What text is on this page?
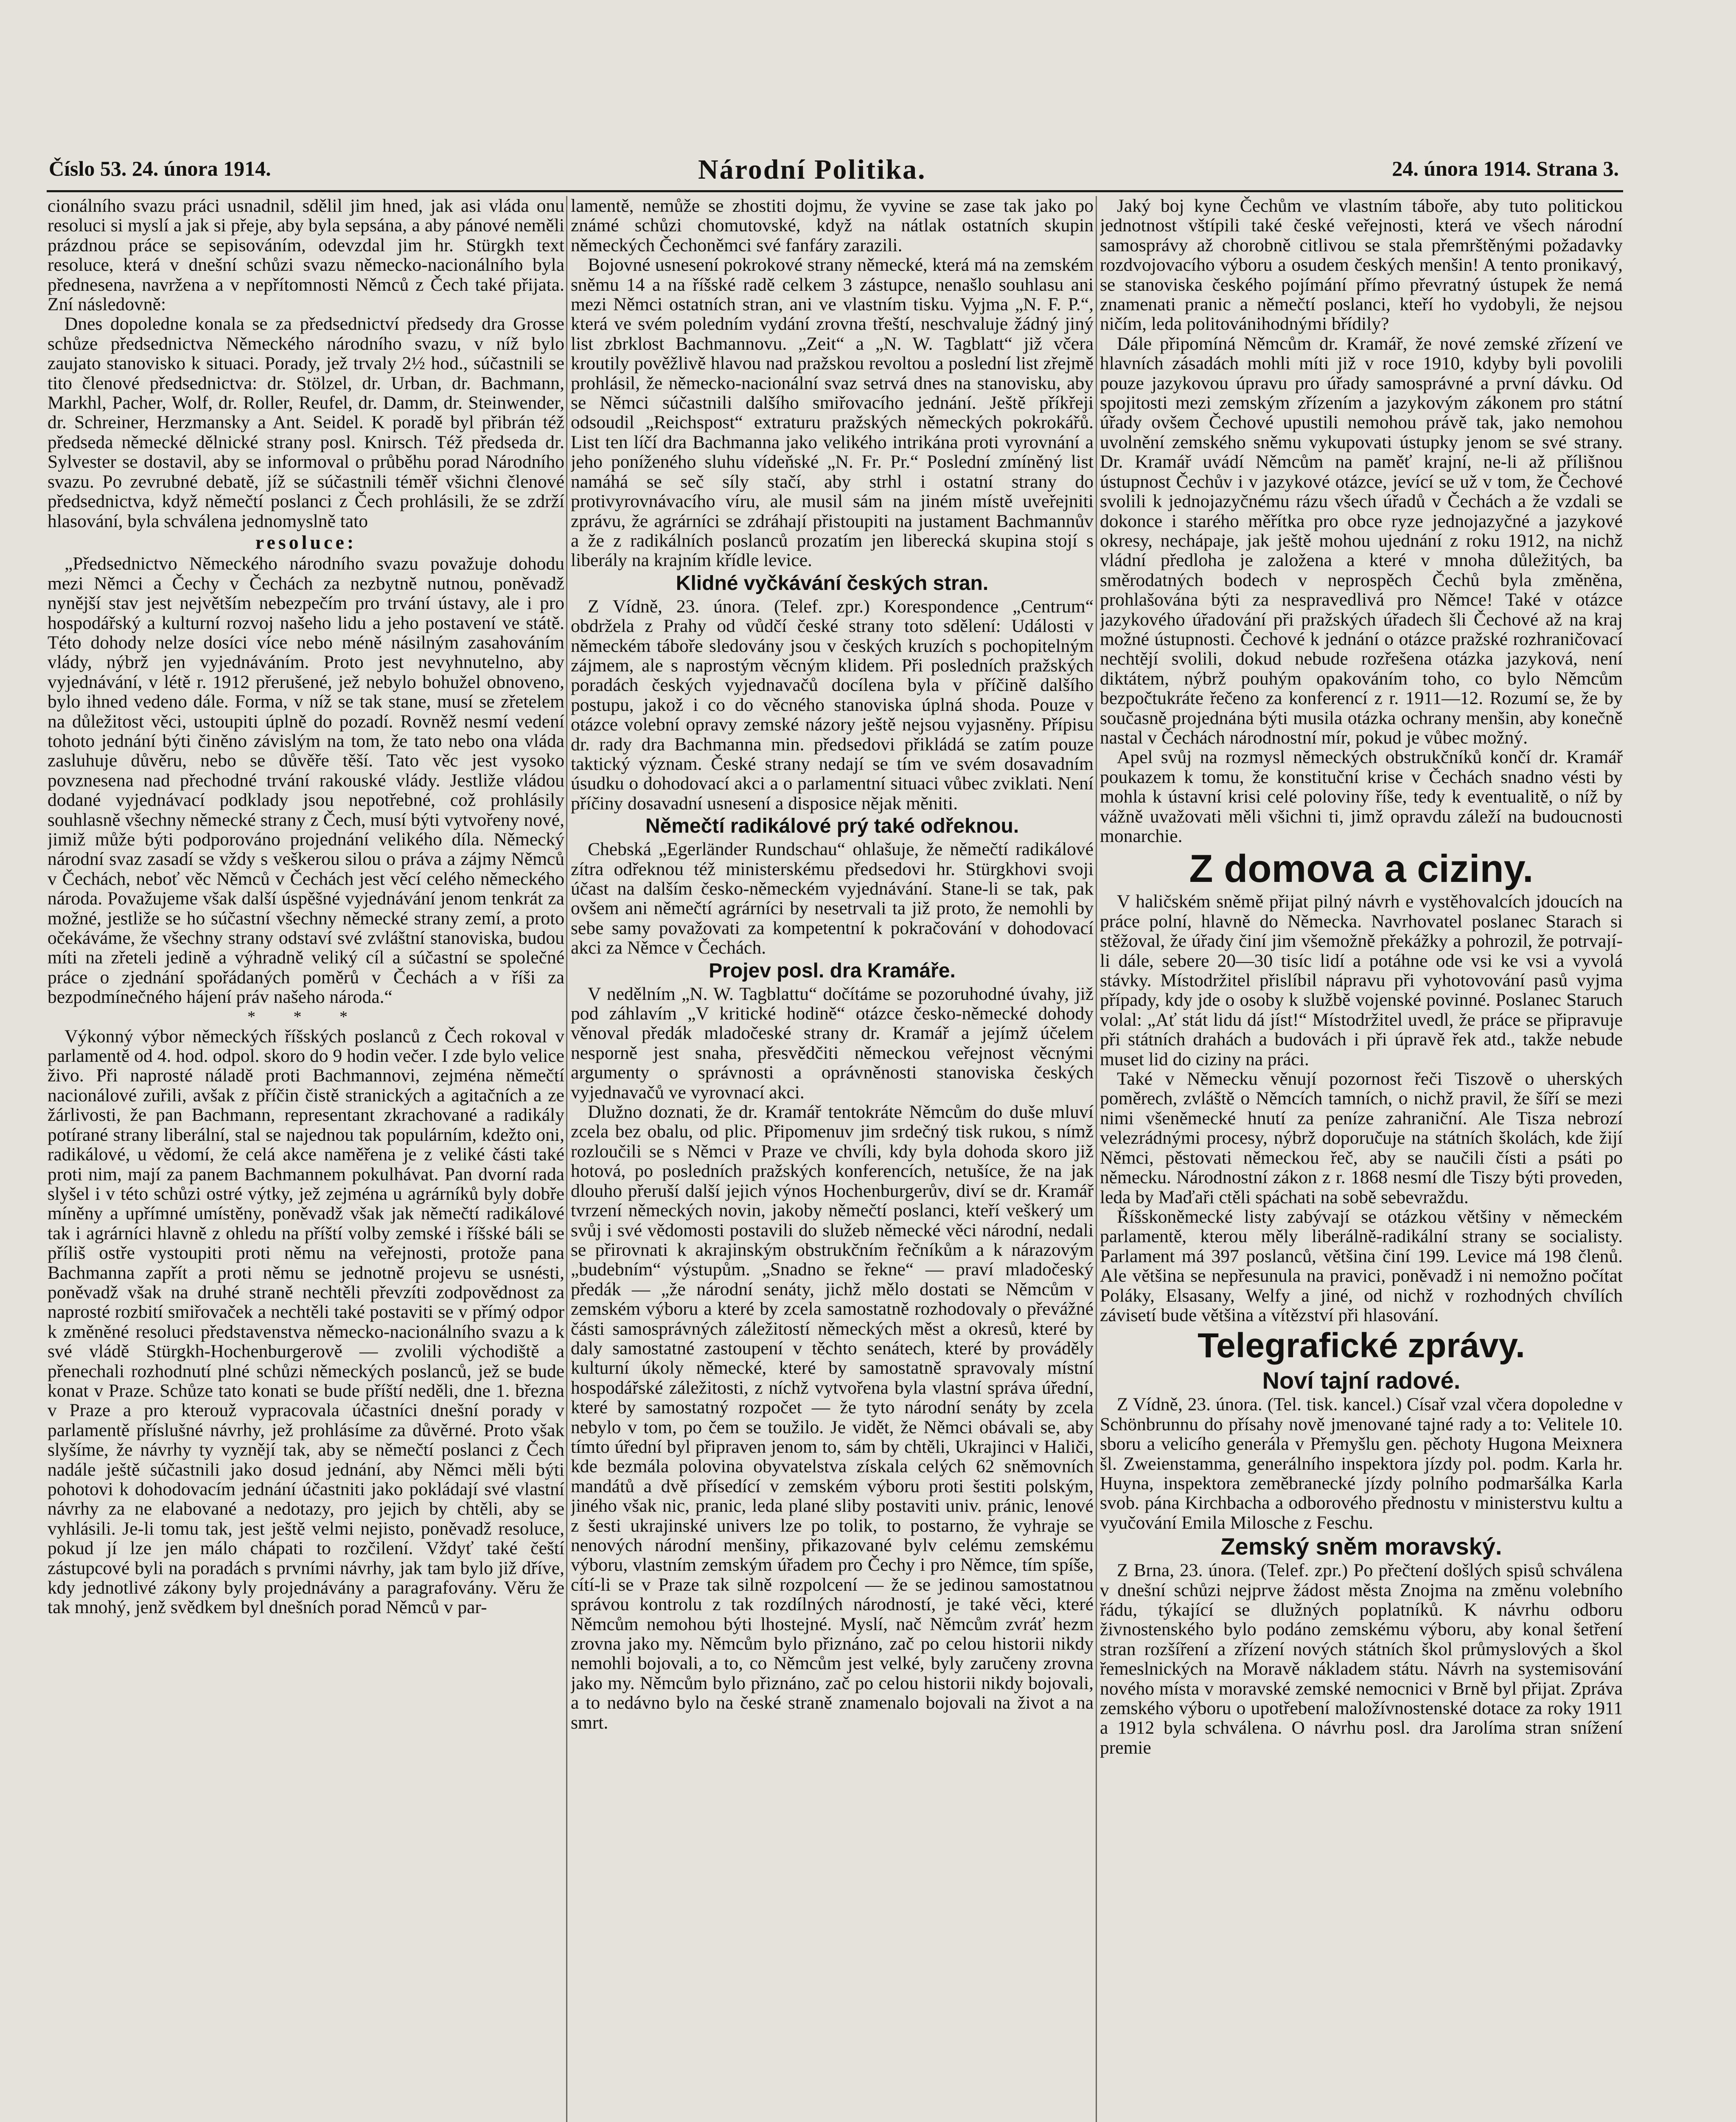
Číslo 53. 24. února 1914.	Národní Politika.	24. února 1914. Strana 3.

cionálního svazu práci usnadnil, sdělil jim hned, jak asi vláda onu resoluci si myslí a jak si přeje, aby byla sepsána, a aby pánové neměli prázdnou práce se sepisováním, odevzdal jim hr. Stürgkh text resoluce, která v dnešní schůzi svazu německo-nacionálního byla přednesena, navržena a v nepřítomnosti Němců z Čech také přijata. Zní následovně:

Dnes dopoledne konala se za předsednictví předsedy dra Grosse schůze předsednictva Německého národního svazu, v níž bylo zaujato stanovisko k situaci. Porady, jež trvaly 2½ hod., súčastnili se tito členové předsednictva: dr. Stölzel, dr. Urban, dr. Bachmann, Markhl, Pacher, Wolf, dr. Roller, Reufel, dr. Damm, dr. Steinwender, dr. Schreiner, Herzmansky a Ant. Seidel. K poradě byl přibrán též předseda německé dělnické strany posl. Knirsch. Též předseda dr. Sylvester se dostavil, aby se informoval o průběhu porad Národního svazu. Po zevrubné debatě, jíž se súčastnili téměř všichni členové předsednictva, když němečtí poslanci z Čech prohlásili, že se zdrží hlasování, byla schválena jednomyslně tato

resoluce:

„Předsednictvo Německého národního svazu považuje dohodu mezi Němci a Čechy v Čechách za nezbytně nutnou, poněvadž nynější stav jest největším nebezpečím pro trvání ústavy, ale i pro hospodářský a kulturní rozvoj našeho lidu a jeho postavení ve státě. Této dohody nelze dosíci více nebo méně násilným zasahováním vlády, nýbrž jen vyjednáváním. Proto jest nevyhnutelno, aby vyjednávání, v létě r. 1912 přerušené, jež nebylo bohužel obnoveno, bylo ihned vedeno dále. Forma, v níž se tak stane, musí se zřetelem na důležitost věci, ustoupiti úplně do pozadí. Rovněž nesmí vedení tohoto jednání býti činěno závislým na tom, že tato nebo ona vláda zasluhuje důvěru, nebo se důvěře těší. Tato věc jest vysoko povznesena nad přechodné trvání rakouské vlády. Jestliže vládou dodané vyjednávací podklady jsou nepotřebné, což prohlásily souhlasně všechny německé strany z Čech, musí býti vytvořeny nové, jimiž může býti podporováno projednání velikého díla. Německý národní svaz zasadí se vždy s veškerou silou o práva a zájmy Němců v Čechách, neboť věc Němců v Čechách jest věcí celého německého národa. Považujeme však další úspěšné vyjednávání jenom tenkrát za možné, jestliže se ho súčastní všechny německé strany zemí, a proto očekáváme, že všechny strany odstaví své zvláštní stanoviska, budou míti na zřeteli jedině a výhradně veliký cíl a súčastní se společné práce o zjednání spořádaných poměrů v Čechách a v říši za bezpodmínečného hájení práv našeho národa.“

* * *

Výkonný výbor německých říšských poslanců z Čech rokoval v parlamentě od 4. hod. odpol. skoro do 9 hodin večer. I zde bylo velice živo. Při naprosté náladě proti Bachmannovi, zejména němečtí nacionálové zuřili, avšak z příčin čistě stranických a agitačních a ze žárlivosti, že pan Bachmann, representant zkrachované a radikály potírané strany liberální, stal se najednou tak populárním, kdežto oni, radikálové, u vědomí, že celá akce naměřena je z veliké části také proti nim, mají za panem Bachmannem pokulhávat. Pan dvorní rada slyšel i v této schůzi ostré výtky, jež zejména u agrárníků byly dobře míněny a upřímné umístěny, poněvadž však jak němečtí radikálové tak i agrárníci hlavně z ohledu na příští volby zemské i říšské báli se příliš ostře vystoupiti proti němu na veřejnosti, protože pana Bachmanna zapřít a proti němu se jednotně projevu se usnésti, poněvadž však na druhé straně nechtěli převzíti zodpovědnost za naprosté rozbití smiřovaček a nechtěli také postaviti se v přímý odpor k změněné resoluci představenstva německo-nacionálního svazu a k své vládě Stürgkh-Hochenburgerově — zvolili východiště a přenechali rozhodnutí plné schůzi německých poslanců, jež se bude konat v Praze. Schůze tato konati se bude příští neděli, dne 1. března v Praze a pro kterouž vypracovala účastníci dnešní porady v parlamentě příslušné návrhy, jež prohlásíme za důvěrné. Proto však slyšíme, že návrhy ty vyznějí tak, aby se němečtí poslanci z Čech nadále ještě súčastnili jako dosud jednání, aby Němci měli býti pohotovi k dohodovacím jednání účastniti jako pokládají své vlastní návrhy za ne elabované a nedotazy, pro jejich by chtěli, aby se vyhlásili. Je-li tomu tak, jest ještě velmi nejisto, poněvadž resoluce, pokud jí lze jen málo chápati to rozčilení. Vždyť také čeští zástupcové byli na poradách s prvními návrhy, jak tam bylo již dříve, kdy jednotlivé zákony byly projednávány a paragrafovány. Věru že tak mnohý, jenž svědkem byl dnešních porad Němců v par-

lamentě, nemůže se zhostiti dojmu, že vyvine se zase tak jako po známé schůzi chomutovské, když na nátlak ostatních skupin německých Čechoněmci své fanfáry zarazili.

Bojovné usnesení pokrokové strany německé, která má na zemském sněmu 14 a na říšské radě celkem 3 zástupce, nenašlo souhlasu ani mezi Němci ostatních stran, ani ve vlastním tisku. Vyjma „N. F. P.“, která ve svém poledním vydání zrovna třeští, neschvaluje žádný jiný list zbrklost Bachmannovu. „Zeit“ a „N. W. Tagblatt“ již včera kroutily pověžlivě hlavou nad pražskou revoltou a poslední list zřejmě prohlásil, že německo-nacionální svaz setrvá dnes na stanovisku, aby se Němci súčastnili dalšího smiřovacího jednání. Ještě příkřeji odsoudil „Reichspost“ extraturu pražských německých pokrokářů. List ten líčí dra Bachmanna jako velikého intrikána proti vyrovnání a jeho poníženého sluhu vídeňské „N. Fr. Pr.“ Poslední zmíněný list namáhá se seč síly stačí, aby strhl i ostatní strany do protivyrovnávacího víru, ale musil sám na jiném místě uveřejniti zprávu, že agrárníci se zdráhají přistoupiti na justament Bachmannův a že z radikálních poslanců prozatím jen liberecká skupina stojí s liberály na krajním křídle levice.

Klidné vyčkávání českých stran.

Z Vídně, 23. února. (Telef. zpr.) Korespondence „Centrum“ obdržela z Prahy od vůdčí české strany toto sdělení: Události v německém táboře sledovány jsou v českých kruzích s pochopitelným zájmem, ale s naprostým věcným klidem. Při posledních pražských poradách českých vyjednavačů docílena byla v příčině dalšího postupu, jakož i co do věcného stanoviska úplná shoda. Pouze v otázce volební opravy zemské názory ještě nejsou vyjasněny. Přípisu dr. rady dra Bachmanna min. předsedovi přikládá se zatím pouze taktický význam. České strany nedají se tím ve svém dosavadním úsudku o dohodovací akci a o parlamentní situaci vůbec zviklati. Není příčiny dosavadní usnesení a disposice nějak měniti.

Němečtí radikálové prý také odřeknou.

Chebská „Egerländer Rundschau“ ohlašuje, že němečtí radikálové zítra odřeknou též ministerskému předsedovi hr. Stürgkhovi svoji účast na dalším česko-německém vyjednávání. Stane-li se tak, pak ovšem ani němečtí agrárníci by nesetrvali ta již proto, že nemohli by sebe samy považovati za kompetentní k pokračování v dohodovací akci za Němce v Čechách.

Projev posl. dra Kramáře.

V nedělním „N. W. Tagblattu“ dočítáme se pozoruhodné úvahy, již pod záhlavím „V kritické hodině“ otázce česko-německé dohody věnoval předák mladočeské strany dr. Kramář a jejímž účelem nesporně jest snaha, přesvědčiti německou veřejnost věcnými argumenty o správnosti a oprávněnosti stanoviska českých vyjednavačů ve vyrovnací akci.

Dlužno doznati, že dr. Kramář tentokráte Němcům do duše mluví zcela bez obalu, od plic. Připomenuv jim srdečný tisk rukou, s nímž rozloučili se s Němci v Praze ve chvíli, kdy byla dohoda skoro již hotová, po posledních pražských konferencích, netušíce, že na jak dlouho přeruší další jejich výnos Hochenburgerův, diví se dr. Kramář tvrzení německých novin, jakoby němečtí poslanci, kteří veškerý um svůj i své vědomosti postavili do služeb německé věci národní, nedali se přirovnati k akrajinským obstrukčním řečníkům a k nárazovým „budebním“ výstupům. „Snadno se řekne“ — praví mladočeský předák — „že národní senáty, jichž mělo dostati se Němcům v zemském výboru a které by zcela samostatně rozhodovaly o převážné části samosprávných záležitostí německých měst a okresů, které by daly samostatné zastoupení v těchto senátech, které by prováděly kulturní úkoly německé, které by samostatně spravovaly místní hospodářské záležitosti, z níchž vytvořena byla vlastní správa úřední, které by samostatný rozpočet — že tyto národní senáty by zcela nebylo v tom, po čem se toužilo. Je vidět, že Němci obávali se, aby tímto úřední byl připraven jenom to, sám by chtěli, Ukrajinci v Haliči, kde bezmála polovina obyvatelstva získala celých 62 sněmovních mandátů a dvě přísedící v zemském výboru proti šestiti polským, jiného však nic, pranic, leda plané sliby postaviti univ. pránic, lenové z šesti ukrajinské univers lze po tolik, to postarno, že vyhraje se nenových národní menšiny, přikazované bylv celému zemskému výboru, vlastním zemským úřadem pro Čechy i pro Němce, tím spíše, cítí-li se v Praze tak silně rozpolcení — že se jedinou samostatnou správou kontrolu z tak rozdílných národností, je také věci, které Němcům nemohou býti lhostejné. Myslí, nač Němcům zvráť hezm zrovna jako my. Němcům bylo přiznáno, zač po celou historii nikdy nemohli bojovali, a to, co Němcům jest velké, byly zaručeny zrovna jako my. Němcům bylo přiznáno, zač po celou historii nikdy bojovali, a to nedávno bylo na české straně znamenalo bojovali na život a na smrt.

Jaký boj kyne Čechům ve vlastním táboře, aby tuto politickou jednotnost vštípili také české veřejnosti, která ve všech národní samosprávy až chorobně citlivou se stala přemrštěnými požadavky rozdvojovacího výboru a osudem českých menšin! A tento pronikavý, se stanoviska českého pojímání přímo převratný ústupek že nemá znamenati pranic a němečtí poslanci, kteří ho vydobyli, že nejsou ničím, leda politovánihodnými břídily?

Dále připomíná Němcům dr. Kramář, že nové zemské zřízení ve hlavních zásadách mohli míti již v roce 1910, kdyby byli povolili pouze jazykovou úpravu pro úřady samosprávné a první dávku. Od spojitosti mezi zemským zřízením a jazykovým zákonem pro státní úřady ovšem Čechové upustili nemohou právě tak, jako nemohou uvolnění zemského sněmu vykupovati ústupky jenom se své strany. Dr. Kramář uvádí Němcům na paměť krajní, ne-li až přílišnou ústupnost Čechův i v jazykové otázce, jevící se už v tom, že Čechové svolili k jednojazyčnému rázu všech úřadů v Čechách a že vzdali se dokonce i starého měřítka pro obce ryze jednojazyčné a jazykové okresy, nechápaje, jak ještě mohou ujednání z roku 1912, na nichž vládní předloha je založena a které v mnoha důležitých, ba směrodatných bodech v neprospěch Čechů byla změněna, prohlašována býti za nespravedlivá pro Němce! Také v otázce jazykového úřadování při pražských úřadech šli Čechové až na kraj možné ústupnosti. Čechové k jednání o otázce pražské rozhraničovací nechtějí svolili, dokud nebude rozřešena otázka jazyková, není diktátem, nýbrž pouhým opakováním toho, co bylo Němcům bezpočtukráte řečeno za konferencí z r. 1911—12. Rozumí se, že by současně projednána býti musila otázka ochrany menšin, aby konečně nastal v Čechách národnostní mír, pokud je vůbec možný.

Apel svůj na rozmysl německých obstrukčníků končí dr. Kramář poukazem k tomu, že konstituční krise v Čechách snadno vésti by mohla k ústavní krisi celé poloviny říše, tedy k eventualitě, o níž by vážně uvažovati měli všichni ti, jimž opravdu záleží na budoucnosti monarchie.

Z domova a ciziny.

V haličském sněmě přijat pilný návrh e vystěhovalcích jdoucích na práce polní, hlavně do Německa. Navrhovatel poslanec Starach si stěžoval, že úřady činí jim všemožně překážky a pohrozil, že potrvají-li dále, sebere 20—30 tisíc lidí a potáhne ode vsi ke vsi a vyvolá stávky. Místodržitel přislíbil nápravu při vyhotovování pasů vyjma případy, kdy jde o osoby k službě vojenské povinné. Poslanec Staruch volal: „Ať stát lidu dá jíst!“ Místodržitel uvedl, že práce se připravuje při státních drahách a budovách i při úpravě řek atd., takže nebude muset lid do ciziny na práci.

Také v Německu věnují pozornost řeči Tiszově o uherských poměrech, zvláště o Němcích tamních, o nichž pravil, že šíří se mezi nimi všeněmecké hnutí za peníze zahraniční. Ale Tisza nebrozí velezrádnými procesy, nýbrž doporučuje na státních školách, kde žijí Němci, pěstovati německou řeč, aby se naučili čísti a psáti po německu. Národnostní zákon z r. 1868 nesmí dle Tiszy býti proveden, leda by Maďaři ctěli spáchati na sobě sebevraždu.

Říšskoněmecké listy zabývají se otázkou většiny v německém parlamentě, kterou měly liberálně-radikální strany se socialisty. Parlament má 397 poslanců, většina činí 199. Levice má 198 členů. Ale většina se nepřesunula na pravici, poněvadž i ni nemožno počítat Poláky, Elsasany, Welfy a jiné, od nichž v rozhodných chvílích závisetí bude většina a vítězství při hlasování.

Telegrafické zprávy.

Noví tajní radové.

Z Vídně, 23. února. (Tel. tisk. kancel.) Císař vzal včera dopoledne v Schönbrunnu do přísahy nově jmenované tajné rady a to: Velitele 10. sboru a velicího generála v Přemyšlu gen. pěchoty Hugona Meixnera šl. Zweienstamma, generálního inspektora jízdy pol. podm. Karla hr. Huyna, inspektora zeměbranecké jízdy polního podmaršálka Karla svob. pána Kirchbacha a odborového přednostu v ministerstvu kultu a vyučování Emila Milоsche z Feschu.

Zemský sněm moravský.

Z Brna, 23. února. (Telef. zpr.) Po přečtení došlých spisů schválena v dnešní schůzi nejprve žádost města Znojma na změnu volebního řádu, týkající se dlužných poplatníků. K návrhu odboru živnostenského bylo podáno zemskému výboru, aby konal šetření stran rozšíření a zřízení nových státních škol průmyslových a škol řemeslnických na Moravě nákladem státu. Návrh na systemisování nového místa v moravské zemské nemocnici v Brně byl přijat. Zpráva zemského výboru o upotřebení maložívnostenské dotace za roky 1911 a 1912 byla schválena. O návrhu posl. dra Jarolíma stran snížení premie
